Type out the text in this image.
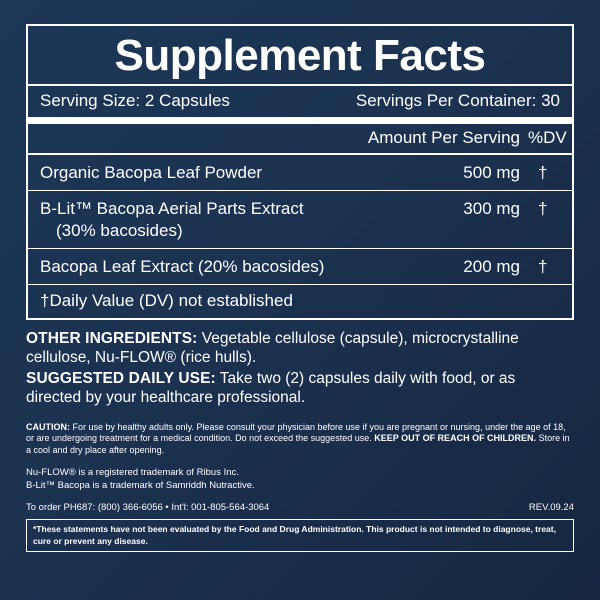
Supplement Facts
Serving Size: 2 Capsules	Servings Per Container: 30
Amount Per Serving %DV
Organic Bacopa Leaf Powder	500 mg	†
B-Lit™ Bacopa Aerial Parts Extract
(30% bacosides)
300 mg	†
Bacopa Leaf Extract (20% bacosides)	200 mg	†
†Daily Value (DV) not established

OTHER INGREDIENTS: Vegetable cellulose (capsule), microcrystalline cellulose, Nu-FLOW® (rice hulls).

SUGGESTED DAILY USE: Take two (2) capsules daily with food, or as directed by your healthcare professional.

CAUTION: For use by healthy adults only. Please consult your physician before use if you are pregnant or nursing, under the age of 18, or are undergoing treatment for a medical condition. Do not exceed the suggested use. KEEP OUT OF REACH OF CHILDREN. Store in a cool and dry place after opening.
Nu-FLOW® is a registered trademark of Ribus Inc.
B-Lit™ Bacopa is a trademark of Samriddh Nutractive.
To order PH687: (800) 366-6056 • Int'l: 001-805-564-3064	REV.09.24
*These statements have not been evaluated by the Food and Drug Administration. This product is not intended to diagnose, treat, cure or prevent any disease.
